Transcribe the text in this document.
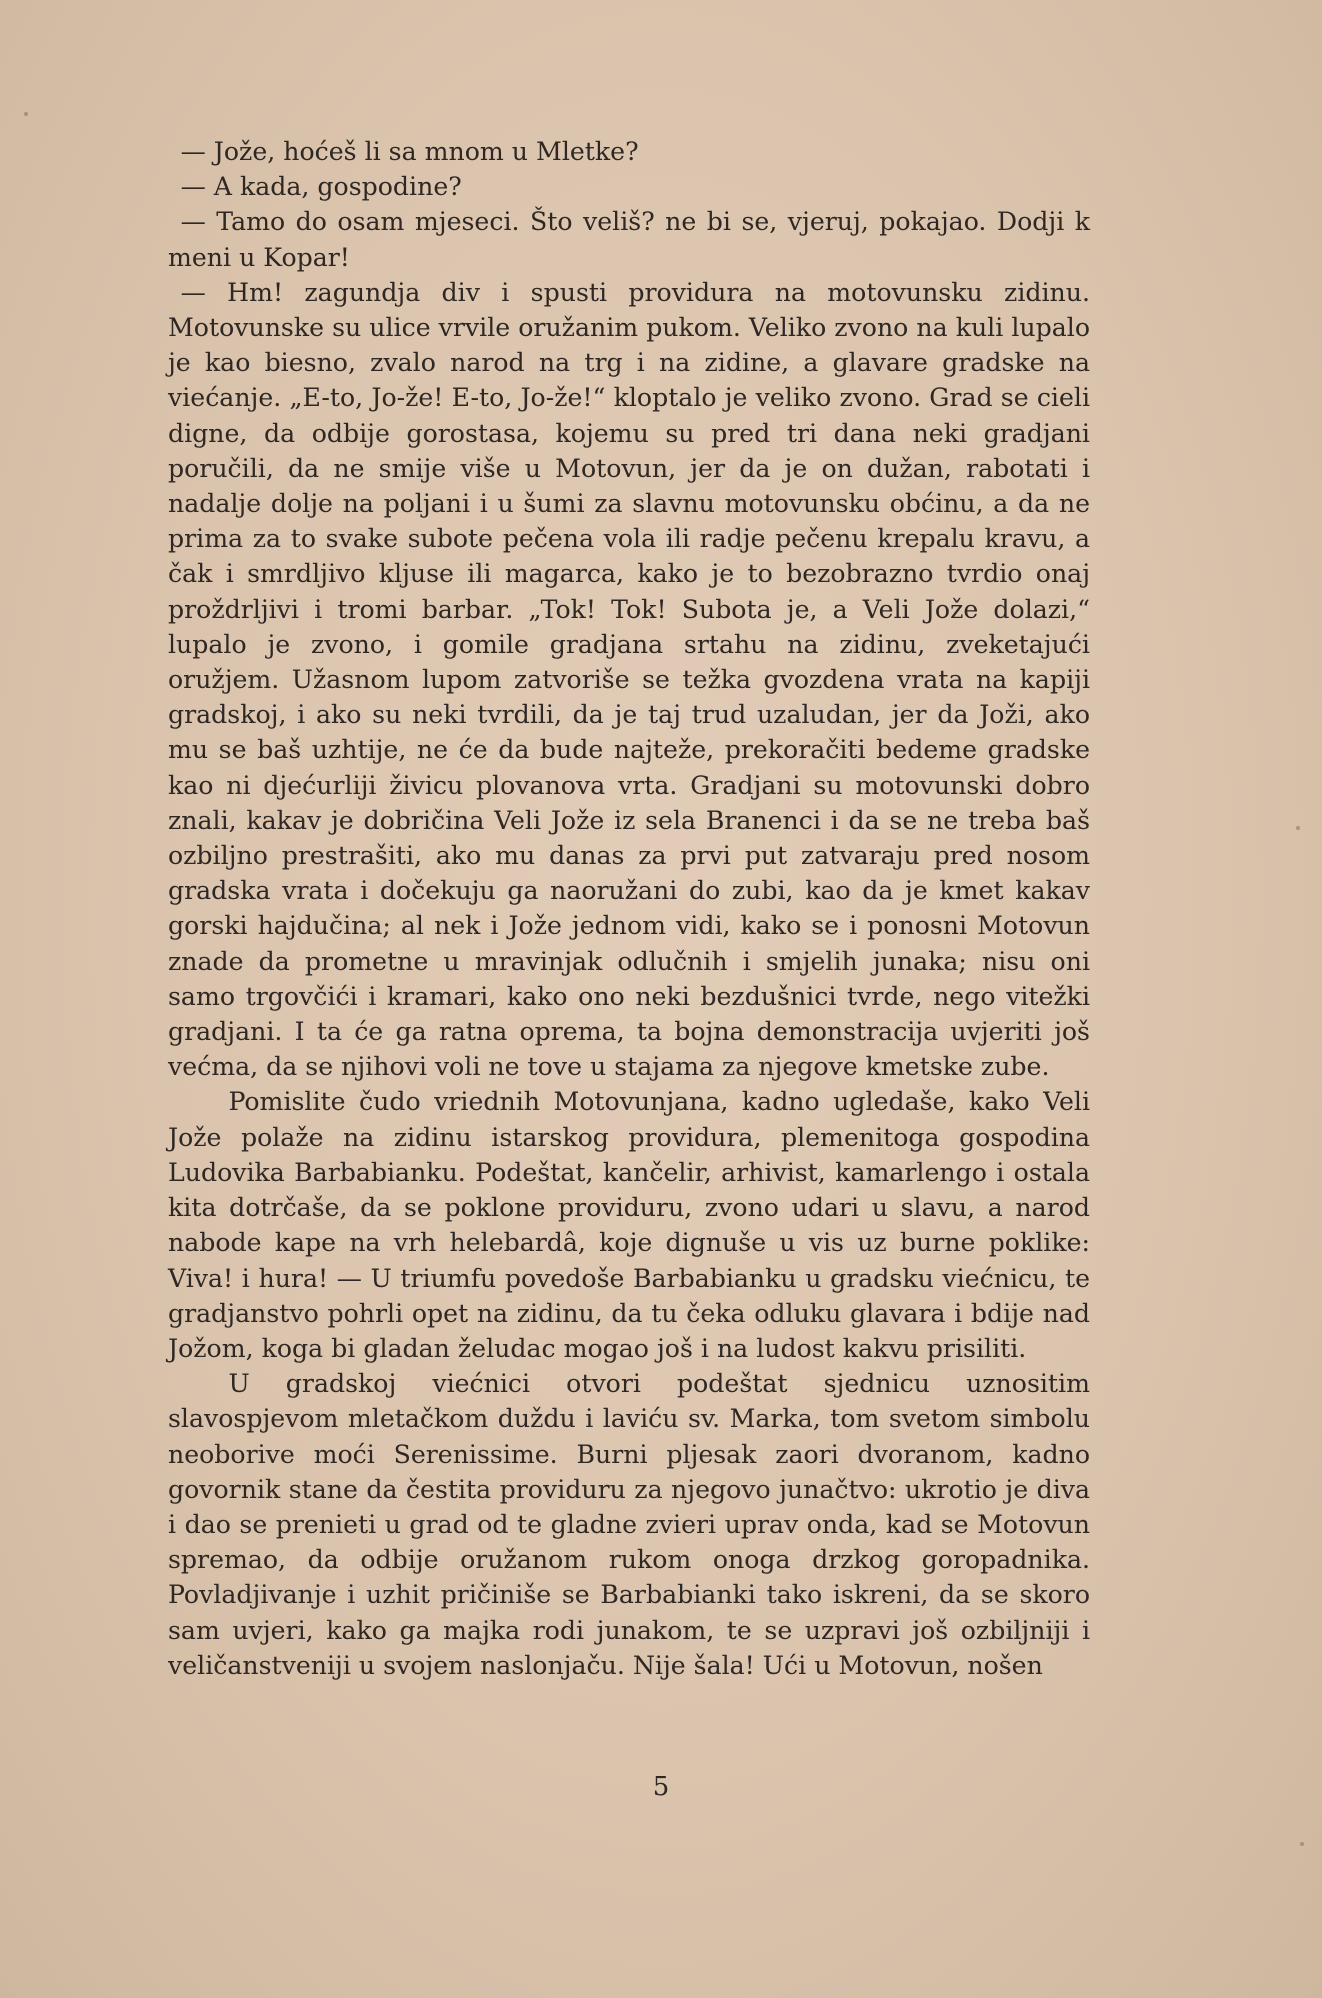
— Jože, hoćeš li sa mnom u Mletke?

— A kada, gospodine?

— Tamo do osam mjeseci. Što veliš? ne bi se, vjeruj, pokajao. Dodji k meni u Kopar!

— Hm! zagundja div i spusti providura na motovunsku zidinu. Motovunske su ulice vrvile oružanim pukom. Veliko zvono na kuli lupalo je kao biesno, zvalo narod na trg i na zidine, a glavare gradske na viećanje. „E-to, Jo-že! E-to, Jo-že!“ kloptalo je veliko zvono. Grad se cieli digne, da odbije gorostasa, kojemu su pred tri dana neki gradjani poručili, da ne smije više u Motovun, jer da je on dužan, rabotati i nadalje dolje na poljani i u šumi za slavnu motovunsku obćinu, a da ne prima za to svake subote pečena vola ili radje pečenu krepalu kravu, a čak i smrdljivo kljuse ili magarca, kako je to bezobrazno tvrdio onaj proždrljivi i tromi barbar. „Tok! Tok! Subota je, a Veli Jože dolazi,“ lupalo je zvono, i gomile gradjana srtahu na zidinu, zveketajući oružjem. Užasnom lupom zatvoriše se težka gvozdena vrata na kapiji gradskoj, i ako su neki tvrdili, da je taj trud uzaludan, jer da Joži, ako mu se baš uzhtije, ne će da bude najteže, prekoračiti bedeme gradske kao ni djećurliji živicu plovanova vrta. Gradjani su motovunski dobro znali, kakav je dobričina Veli Jože iz sela Branenci i da se ne treba baš ozbiljno prestrašiti, ako mu danas za prvi put zatvaraju pred nosom gradska vrata i dočekuju ga naoružani do zubi, kao da je kmet kakav gorski hajdučina; al nek i Jože jednom vidi, kako se i ponosni Motovun znade da prometne u mravinjak odlučnih i smjelih junaka; nisu oni samo trgovčići i kramari, kako ono neki bezdušnici tvrde, nego vitežki gradjani. I ta će ga ratna oprema, ta bojna demonstracija uvjeriti još većma, da se njihovi voli ne tove u stajama za njegove kmetske zube.

Pomislite čudo vriednih Motovunjana, kadno ugledaše, kako Veli Jože polaže na zidinu istarskog providura, plemenitoga gospodina Ludovika Barbabianku. Podeštat, kančelir, arhivist, kamarlengo i ostala kita dotrčaše, da se poklone providuru, zvono udari u slavu, a narod nabode kape na vrh helebardâ, koje dignuše u vis uz burne poklike: Viva! i hura! — U triumfu povedoše Barbabianku u gradsku viećnicu, te gradjanstvo pohrli opet na zidinu, da tu čeka odluku glavara i bdije nad Jožom, koga bi gladan želudac mogao još i na ludost kakvu prisiliti.

U gradskoj viećnici otvori podeštat sjednicu uznositim slavospjevom mletačkom duždu i laviću sv. Marka, tom svetom simbolu neoborive moći Serenissime. Burni pljesak zaori dvoranom, kadno govornik stane da čestita providuru za njegovo junačtvo: ukrotio je diva i dao se prenieti u grad od te gladne zvieri uprav onda, kad se Motovun spremao, da odbije oružanom rukom onoga drzkog goropadnika. Povladjivanje i uzhit pričiniše se Barbabianki tako iskreni, da se skoro sam uvjeri, kako ga majka rodi junakom, te se uzpravi još ozbiljniji i veličanstveniji u svojem naslonjaču. Nije šala! Ući u Motovun, nošen

5
